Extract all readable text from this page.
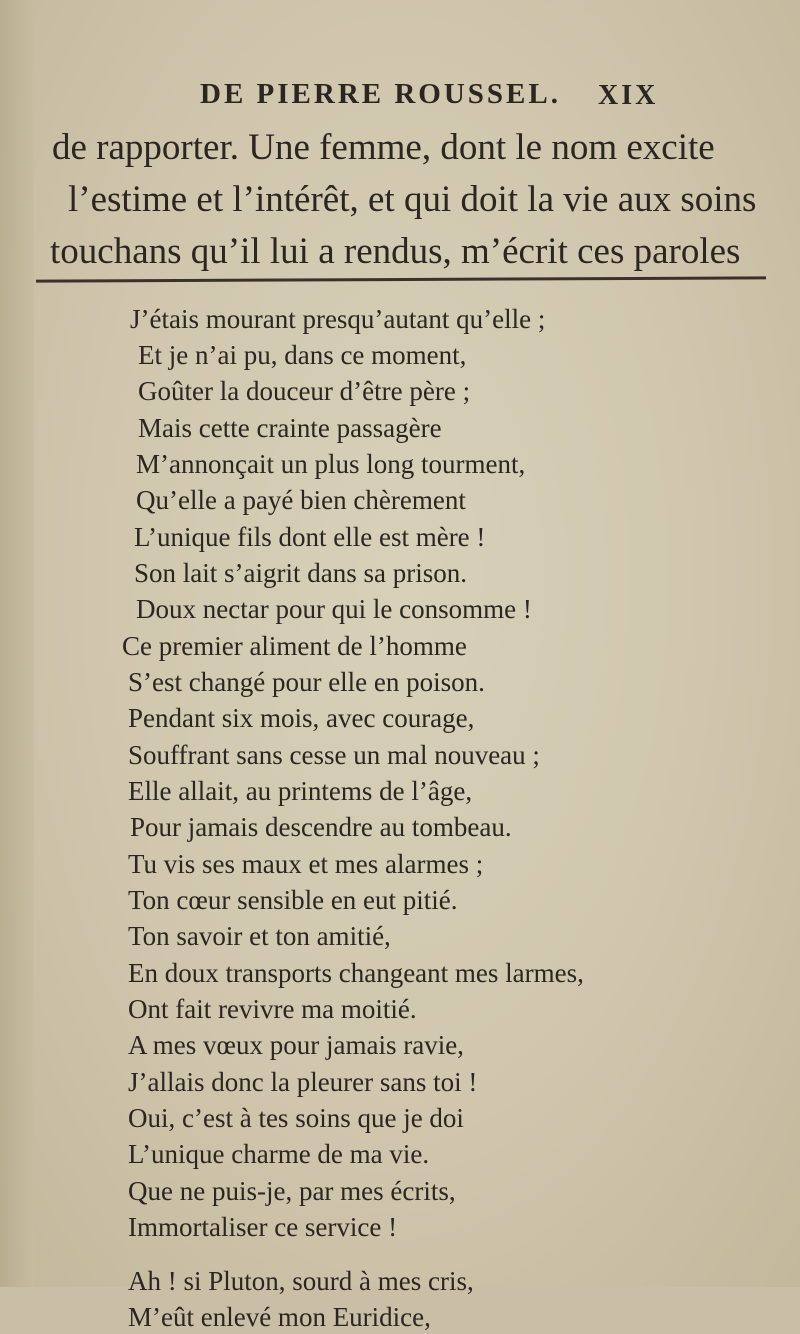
DE PIERRE ROUSSEL. XIX
de rapporter. Une femme, dont le nom excite
l’estime et l’intérêt, et qui doit la vie aux soins
touchans qu’il lui a rendus, m’écrit ces paroles
J’étais mourant presqu’autant qu’elle ;
Et je n’ai pu, dans ce moment,
Goûter la douceur d’être père ;
Mais cette crainte passagère
M’annonçait un plus long tourment,
Qu’elle a payé bien chèrement
L’unique fils dont elle est mère !
Son lait s’aigrit dans sa prison.
Doux nectar pour qui le consomme !
Ce premier aliment de l’homme
S’est changé pour elle en poison.
Pendant six mois, avec courage,
Souffrant sans cesse un mal nouveau ;
Elle allait, au printems de l’âge,
Pour jamais descendre au tombeau.
Tu vis ses maux et mes alarmes ;
Ton cœur sensible en eut pitié.
Ton savoir et ton amitié,
En doux transports changeant mes larmes,
Ont fait revivre ma moitié.
A mes vœux pour jamais ravie,
J’allais donc la pleurer sans toi !
Oui, c’est à tes soins que je doi
L’unique charme de ma vie.
Que ne puis-je, par mes écrits,
Immortaliser ce service !
Ah ! si Pluton, sourd à mes cris,
M’eût enlevé mon Euridice,
